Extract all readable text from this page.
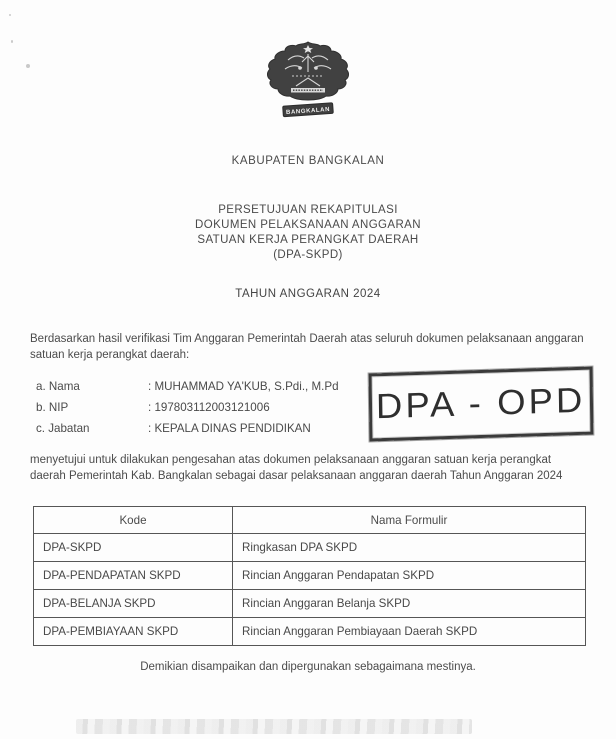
BANGKALAN
KABUPATEN BANGKALAN
PERSETUJUAN REKAPITULASI
DOKUMEN PELAKSANAAN ANGGARAN
SATUAN KERJA PERANGKAT DAERAH
(DPA-SKPD)
TAHUN ANGGARAN 2024
Berdasarkan hasil verifikasi Tim Anggaran Pemerintah Daerah atas seluruh dokumen pelaksanaan anggaran satuan kerja perangkat daerah:
a. Nama	: MUHAMMAD YA'KUB, S.Pdi., M.Pd
b. NIP	: 197803112003121006
c. Jabatan	: KEPALA DINAS PENDIDIKAN
DPA - OPD
menyetujui untuk dilakukan pengesahan atas dokumen pelaksanaan anggaran satuan kerja perangkat daerah Pemerintah Kab. Bangkalan sebagai dasar pelaksanaan anggaran daerah Tahun Anggaran 2024
Kode	Nama Formulir
DPA-SKPD	Ringkasan DPA SKPD
DPA-PENDAPATAN SKPD	Rincian Anggaran Pendapatan SKPD
DPA-BELANJA SKPD	Rincian Anggaran Belanja SKPD
DPA-PEMBIAYAAN SKPD	Rincian Anggaran Pembiayaan Daerah SKPD
Demikian disampaikan dan dipergunakan sebagaimana mestinya.
